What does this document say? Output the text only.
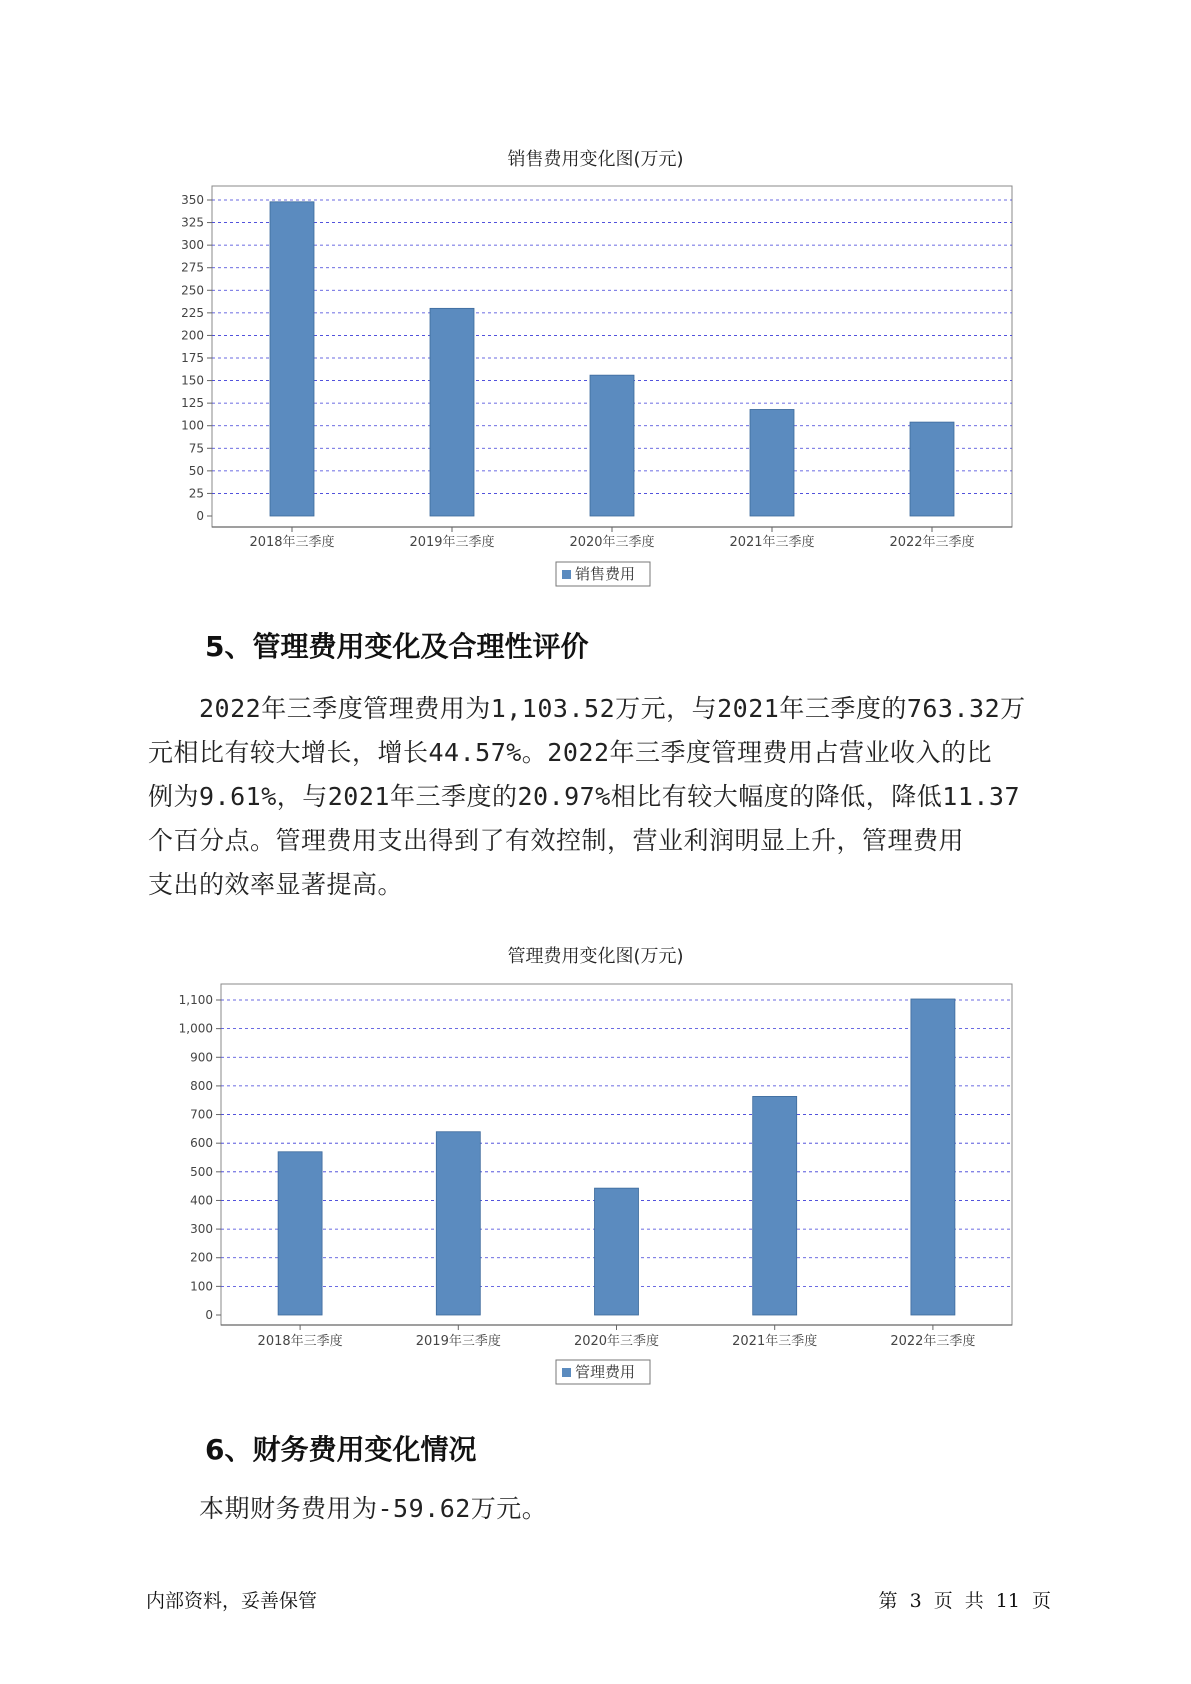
销售费用变化图(万元)
0
25
50
75
100
125
150
175
200
225
250
275
300
325
350
2018年三季度	2019年三季度	2020年三季度	2021年三季度	2022年三季度
销售费用
5、管理费用变化及合理性评价
　　2022年三季度管理费用为1,103.52万元，与2021年三季度的763.32万
元相比有较大增长，增长44.57%。2022年三季度管理费用占营业收入的比
例为9.61%，与2021年三季度的20.97%相比有较大幅度的降低，降低11.37
个百分点。管理费用支出得到了有效控制，营业利润明显上升，管理费用
支出的效率显著提高。
管理费用变化图(万元)
0
100
200
300
400
500
600
700
800
900
1,000
1,100
2018年三季度	2019年三季度	2020年三季度	2021年三季度	2022年三季度
管理费用
6、财务费用变化情况
　　本期财务费用为-59.62万元。
内部资料，妥善保管	第 3 页 共 11 页
